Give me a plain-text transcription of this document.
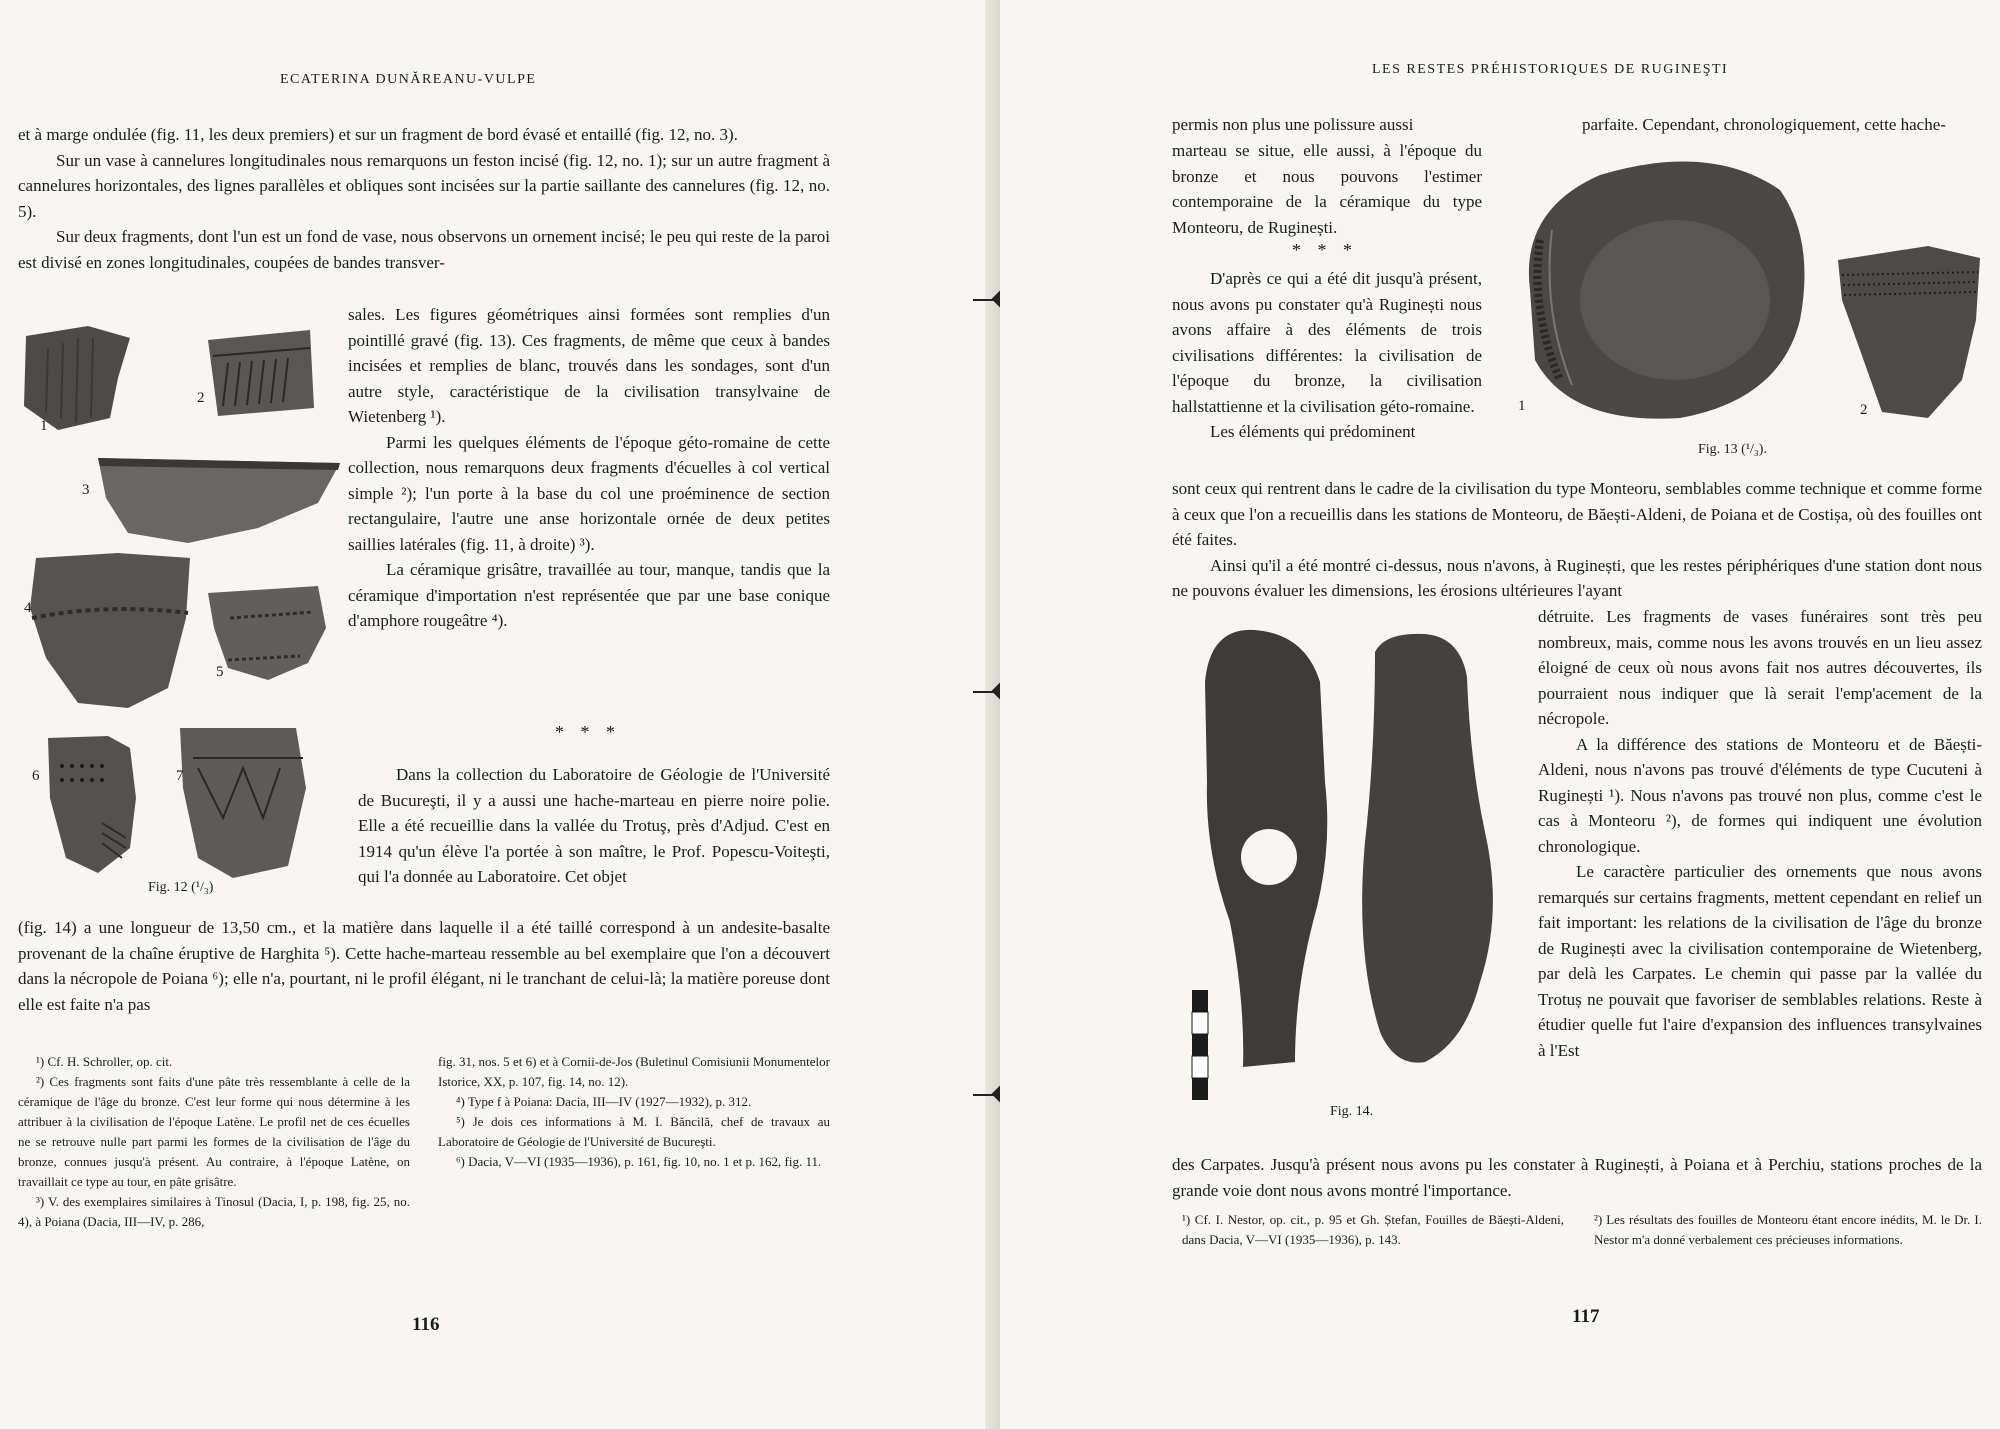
ECATERINA DUNĂREANU-VULPE

et à marge ondulée (fig. 11, les deux premiers) et sur un fragment de bord évasé et entaillé (fig. 12, no. 3).

Sur un vase à cannelures longitudinales nous remarquons un feston incisé (fig. 12, no. 1); sur un autre fragment à cannelures horizontales, des lignes parallèles et obliques sont incisées sur la partie saillante des cannelures (fig. 12, no. 5).

Sur deux fragments, dont l'un est un fond de vase, nous observons un ornement incisé; le peu qui reste de la paroi est divisé en zones longitudinales, coupées de bandes transver-

sales. Les figures géométriques ainsi formées sont remplies d'un pointillé gravé (fig. 13). Ces fragments, de même que ceux à bandes incisées et remplies de blanc, trouvés dans les sondages, sont d'un autre style, caractéristique de la civilisation transylvaine de Wietenberg ¹).

Parmi les quelques éléments de l'époque géto-romaine de cette collection, nous remarquons deux fragments d'écuelles à col vertical simple ²); l'un porte à la base du col une proéminence de section rectangulaire, l'autre une anse horizontale ornée de deux petites saillies latérales (fig. 11, à droite) ³).

La céramique grisâtre, travaillée au tour, manque, tandis que la céramique d'importation n'est représentée que par une base conique d'amphore rougeâtre ⁴).

* * *

Dans la collection du Laboratoire de Géologie de l'Université de Bucureşti, il y a aussi une hache-marteau en pierre noire polie. Elle a été recueillie dans la vallée du Trotuş, près d'Adjud. C'est en 1914 qu'un élève l'a portée à son maître, le Prof. Popescu-Voiteşti, qui l'a donnée au Laboratoire. Cet objet

(fig. 14) a une longueur de 13,50 cm., et la matière dans laquelle il a été taillé correspond à un andesite-basalte provenant de la chaîne éruptive de Harghita ⁵). Cette hache-marteau ressemble au bel exemplaire que l'on a découvert dans la nécropole de Poiana ⁶); elle n'a, pourtant, ni le profil élégant, ni le tranchant de celui-là; la matière poreuse dont elle est faite n'a pas

1
2
3
4
5
6	7
Fig. 12 (¹/₃)

¹) Cf. H. Schroller, op. cit.

²) Ces fragments sont faits d'une pâte très ressemblante à celle de la céramique de l'âge du bronze. C'est leur forme qui nous détermine à les attribuer à la civilisation de l'époque Latène. Le profil net de ces écuelles ne se retrouve nulle part parmi les formes de la civilisation de l'âge du bronze, connues jusqu'à présent. Au contraire, à l'époque Latène, on travaillait ce type au tour, en pâte grisâtre.

³) V. des exemplaires similaires à Tinosul (Dacia, I, p. 198, fig. 25, no. 4), à Poiana (Dacia, III—IV, p. 286,

fig. 31, nos. 5 et 6) et à Cornii-de-Jos (Buletinul Comisiunii Monumentelor Istorice, XX, p. 107, fig. 14, no. 12).

⁴) Type f à Poiana: Dacia, III—IV (1927—1932), p. 312.

⁵) Je dois ces informations à M. I. Băncilă, chef de travaux au Laboratoire de Géologie de l'Université de Bucureşti.

⁶) Dacia, V—VI (1935—1936), p. 161, fig. 10, no. 1 et p. 162, fig. 11.

116
LES RESTES PRÉHISTORIQUES DE RUGINEŞTI
permis non plus une polissure aussi	parfaite. Cependant, chronologiquement, cette hache-

marteau se situe, elle aussi, à l'époque du bronze et nous pouvons l'estimer contemporaine de la céramique du type Monteoru, de Ruginești.

* * *

D'après ce qui a été dit jusqu'à présent, nous avons pu constater qu'à Ruginești nous avons affaire à des éléments de trois civilisations différentes: la civilisation de l'époque du bronze, la civilisation hallstattienne et la civilisation géto-romaine.

Les éléments qui prédominent

sont ceux qui rentrent dans le cadre de la civilisation du type Monteoru, semblables comme technique et comme forme à ceux que l'on a recueillis dans les stations de Monteoru, de Băești-Aldeni, de Poiana et de Costișa, où des fouilles ont été faites.

Ainsi qu'il a été montré ci-dessus, nous n'avons, à Ruginești, que les restes périphériques d'une station dont nous ne pouvons évaluer les dimensions, les érosions ultérieures l'ayant

détruite. Les fragments de vases funéraires sont très peu nombreux, mais, comme nous les avons trouvés en un lieu assez éloigné de ceux où nous avons fait nos autres découvertes, ils pourraient nous indiquer que là serait l'emp'acement de la nécropole.

A la différence des stations de Monteoru et de Băești-Aldeni, nous n'avons pas trouvé d'éléments de type Cucuteni à Ruginești ¹). Nous n'avons pas trouvé non plus, comme c'est le cas à Monteoru ²), de formes qui indiquent une évolution chronologique.

Le caractère particulier des ornements que nous avons remarqués sur certains fragments, mettent cependant en relief un fait important: les relations de la civilisation de l'âge du bronze de Ruginești avec la civilisation contemporaine de Wietenberg, par delà les Carpates. Le chemin qui passe par la vallée du Trotuș ne pouvait que favoriser de semblables relations. Reste à étudier quelle fut l'aire d'expansion des influences transylvaines à l'Est

des Carpates. Jusqu'à présent nous avons pu les constater à Ruginești, à Poiana et à Perchiu, stations proches de la grande voie dont nous avons montré l'importance.

1	2
Fig. 13 (¹/₃).
Fig. 14.

¹) Cf. I. Nestor, op. cit., p. 95 et Gh. Ștefan, Fouilles de Băești-Aldeni, dans Dacia, V—VI (1935—1936), p. 143.

²) Les résultats des fouilles de Monteoru étant encore inédits, M. le Dr. I. Nestor m'a donné verbalement ces précieuses informations.

117
